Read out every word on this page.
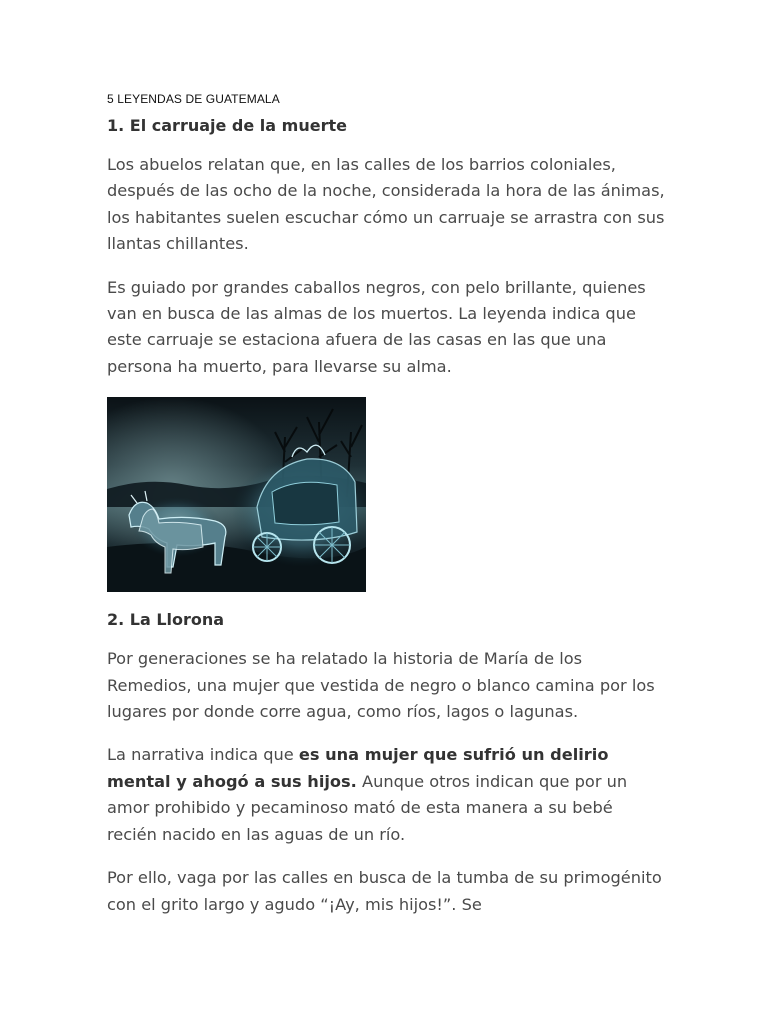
5 LEYENDAS DE GUATEMALA
1. El carruaje de la muerte

Los abuelos relatan que, en las calles de los barrios coloniales, después de las ocho de la noche, considerada la hora de las ánimas, los habitantes suelen escuchar cómo un carruaje se arrastra con sus llantas chillantes.

Es guiado por grandes caballos negros, con pelo brillante, quienes van en busca de las almas de los muertos. La leyenda indica que este carruaje se estaciona afuera de las casas en las que una persona ha muerto, para llevarse su alma.

2. La Llorona

Por generaciones se ha relatado la historia de María de los Remedios, una mujer que vestida de negro o blanco camina por los lugares por donde corre agua, como ríos, lagos o lagunas.

La narrativa indica que es una mujer que sufrió un delirio mental y ahogó a sus hijos. Aunque otros indican que por un amor prohibido y pecaminoso mató de esta manera a su bebé recién nacido en las aguas de un río.

Por ello, vaga por las calles en busca de la tumba de su primogénito con el grito largo y agudo “¡Ay, mis hijos!”. Se
